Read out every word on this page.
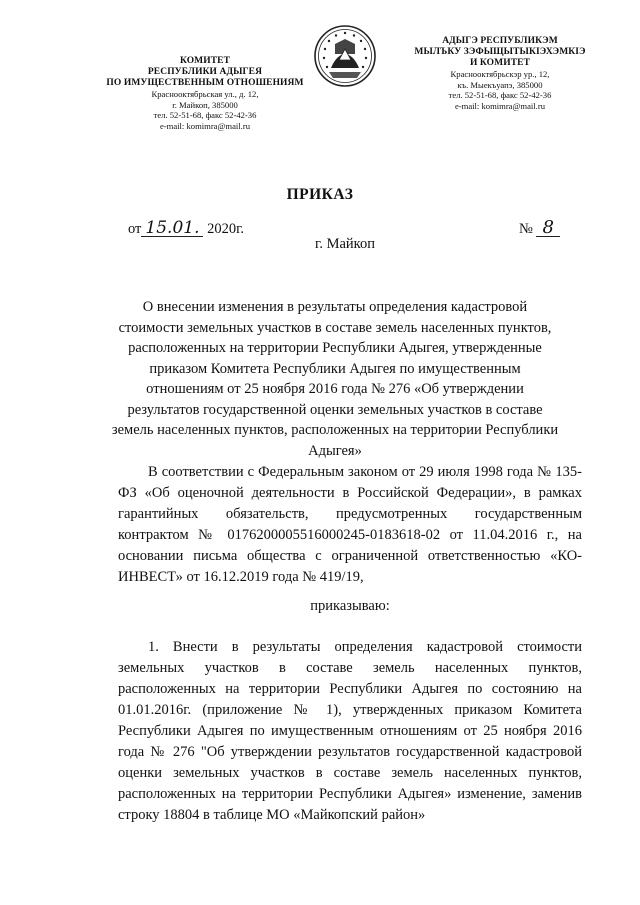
КОМИТЕТ
РЕСПУБЛИКИ АДЫГЕЯ
ПО ИМУЩЕСТВЕННЫМ ОТНОШЕНИЯМ
Краснооктябрьская ул., д. 12,
г. Майкоп, 385000
тел. 52-51-68, факс 52-42-36
e-mail: komimra@mail.ru
АДЫГЭ РЕСПУБЛИКЭМ
МЫЛЪКУ ЗЭФЫЩЫТЫКІЭХЭМКІЭ
И КОМИТЕТ
Краснооктябрьскэр ур., 12,
къ. Мыекъуапэ, 385000
тел. 52-51-68, факс 52-42-36
e-mail: komimra@mail.ru
ПРИКАЗ
от 15.01. 2020г.	№ 8
г. Майкоп
О внесении изменения в результаты определения кадастровой стоимости земельных участков в составе земель населенных пунктов, расположенных на территории Республики Адыгея, утвержденные приказом Комитета Республики Адыгея по имущественным отношениям от 25 ноября 2016 года № 276 «Об утверждении результатов государственной оценки земельных участков в составе земель населенных пунктов, расположенных на территории Республики Адыгея»
В соответствии с Федеральным законом от 29 июля 1998 года № 135-ФЗ «Об оценочной деятельности в Российской Федерации», в рамках гарантийных обязательств, предусмотренных государственным контрактом № 0176200005516000245-0183618-02 от 11.04.2016 г., на основании письма общества с ограниченной ответственностью «КО-ИНВЕСТ» от 16.12.2019 года № 419/19,
приказываю:
1. Внести в результаты определения кадастровой стоимости земельных участков в составе земель населенных пунктов, расположенных на территории Республики Адыгея по состоянию на 01.01.2016г. (приложение № 1), утвержденных приказом Комитета Республики Адыгея по имущественным отношениям от 25 ноября 2016 года № 276 "Об утверждении результатов государственной кадастровой оценки земельных участков в составе земель населенных пунктов, расположенных на территории Республики Адыгея» изменение, заменив строку 18804 в таблице МО «Майкопский район»
